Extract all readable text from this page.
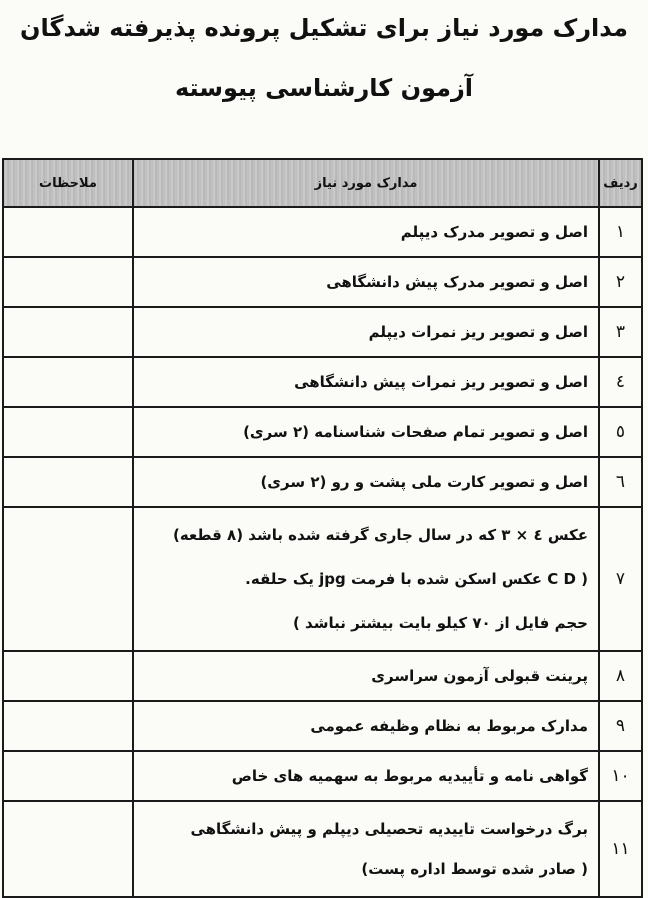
مدارک مورد نیاز برای تشکیل پرونده پذیرفته شدگان
آزمون کارشناسی پیوسته
ردیف	مدارک مورد نیاز	ملاحظات
۱	اصل و تصویر مدرک دیپلم	

۲	اصل و تصویر مدرک پیش دانشگاهی	

۳	اصل و تصویر ریز نمرات دیپلم	

٤	اصل و تصویر ریز نمرات پیش دانشگاهی	

٥	اصل و تصویر تمام صفحات شناسنامه (۲ سری)	

٦	اصل و تصویر کارت ملی پشت و رو (۲ سری)	

۷	عکس ٤ × ۳ که در سال جاری گرفته شده باشد (۸ قطعه)
( C D عکس اسکن شده با فرمت jpg یک حلقه.
حجم فایل از ۷۰ کیلو بایت بیشتر نباشد )	

۸	پرینت قبولی آزمون سراسری	

۹	مدارک مربوط به نظام وظیفه عمومی	

۱۰	گواهی نامه و تأییدیه مربوط به سهمیه های خاص	

۱۱	برگ درخواست تاییدیه تحصیلی دیپلم و پیش دانشگاهی
( صادر شده توسط اداره پست)	
